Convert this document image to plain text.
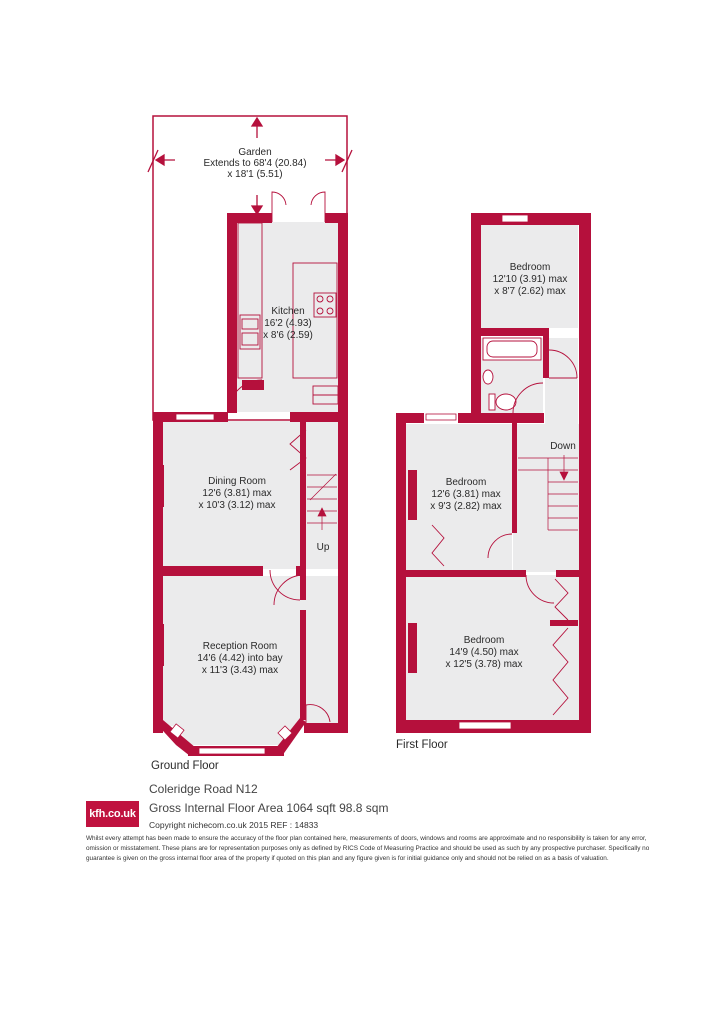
Garden
Extends to 68'4 (20.84)
x 18'1 (5.51)
Kitchen
16'2 (4.93)
x 8'6 (2.59)
Dining Room
12'6 (3.81) max
x 10'3 (3.12) max
Reception Room
14'6 (4.42) into bay
x 11'3 (3.43) max
Up
Bedroom
12'10 (3.91) max
x 8'7 (2.62) max
Bedroom
12'6 (3.81) max
x 9'3 (2.82) max
Bedroom
14'9 (4.50) max
x 12'5 (3.78) max
Down
Ground Floor
First Floor
kfh.co.uk
Coleridge Road N12
Gross Internal Floor Area 1064 sqft 98.8 sqm
Copyright nichecom.co.uk 2015 REF : 14833
Whilst every attempt has been made to ensure the accuracy of the floor plan contained here, measurements of doors, windows and rooms are approximate and no responsibility is taken for any error, omission or misstatement. These plans are for representation purposes only as defined by RICS Code of Measuring Practice and should be used as such by any prospective purchaser. Specifically no guarantee is given on the gross internal floor area of the property if quoted on this plan and any figure given is for initial guidance only and should not be relied on as a basis of valuation.
